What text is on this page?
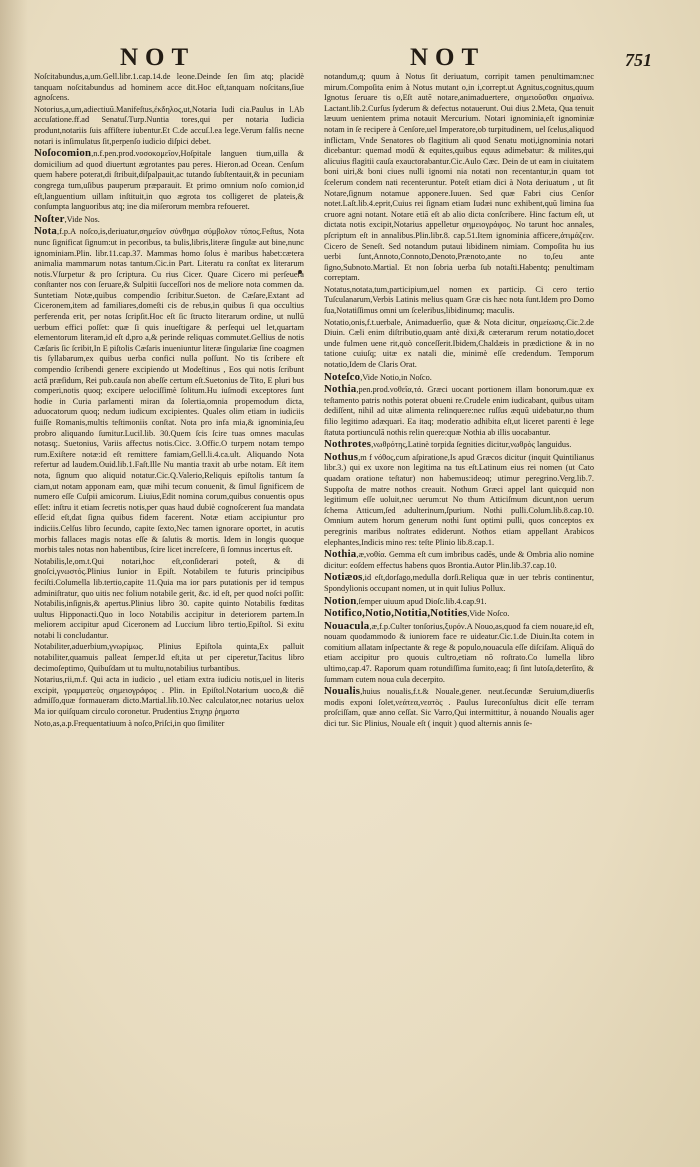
NOT	NOT	751

Noſcitabundus,a,um.Gell.libr.1.cap.14.de leone.Deinde ſen ſim atq; placidè tanquam noſcitabundus ad hominem acce dit.Hoc eſt,tanquam noſcitans,ſiue agnoſcens.

Notorius,a,um,adiectiuū.Manifeſtus,ἐκδηλος,ut,Notaria Iudi cia.Paulus in l.Ab accuſatione.ff.ad Senatuſ.Turp.Nuntia tores,qui per notaria Iudicia produnt,notariis ſuis affiſtere iubentur.Et C.de accuſ.l.ea lege.Verum falſis necne notari is inſimulatus ſit,perpenſo iudicio diſpici debet.

Noſocomion,n.f.pen.prod.νοσοκομεῖον,Hoſpitale languen tium,uilla & domicilium ad quod diuertunt ægrotantes pau peres. Hieron.ad Ocean. Cenſum quem habere poterat,di ſtribuit,diſpalpauit,ac tutando ſubſtentauit,& in pecuniam congrega tum,uſibus pauperum præparauit. Et primo omnium noſo comion,id eſt,languentium uillam inſtituit,in quo ægrota tos colligeret de plateis,& conſumpta languoribus atq; ine dia miſerorum membra refoueret.

Noſter,Vide Nos.

Nota,f.p.A noſco,is,deriuatur,σημεῖον σύνθημα σύμβολον τύπος.Feſtus, Nota nunc ſignificat ſignum:ut in pecoribus, ta bulis,libris,literæ ſingulæ aut bine,nunc ignominiam.Plin. libr.11.cap.37. Mammas homo ſolus è maribus habet:cætera animalia mammarum notas tantum.Cic.in Part. Literatu ra conſtat ex literarum notis.Vſurpetur & pro ſcriptura. Cu rius Cicer. Quare Cicero mi perſeuera conſtanter nos con ſeruare,& Sulpitii ſucceſſori nos de meliore nota commen da. Suntetiam Notæ,quibus compendio ſcribitur.Sueton. de Cæſare,Extant ad Ciceronem,item ad familiares,domeſti cis de rebus,in quibus ſi qua occultius perferenda erit, per notas ſcripſit.Hoc eſt ſic ſtructo literarum ordine, ut nullū uerbum effici poſſet: quæ ſi quis inueſtigare & perſequi uel let,quartam elementorum literam,id eſt d,pro a,& perinde reliquas commutet.Gellius de notis Cæſaris ſic ſcribit,In E piſtolis Cæſaris inueniuntur literæ ſingulariæ ſine coagmen tis ſyllabarum,ex quibus uerba confici nulla poſſunt. No tis ſcribere eſt compendio ſcribendi genere excipiendo ut Modeſtinus , Eos qui notis ſcribunt actâ præſidum, Rei pub.cauſa non abeſſe certum eſt.Suetonius de Tito, E pluri bus comperi,notis quoq; excipere uelociſſimè ſolitum.Hu iuſmodi exceptores ſunt hodie in Curia parlamenti miran da ſolertia,omnia propemodum dicta, aduocatorum quoq; nedum iudicum excipientes. Quales olim etiam in iudiciis fuiſſe Romanis,multis teſtimoniis conſtat. Nota pro infa mia,& ignominia,ſeu probro aliquando ſumitur.Lucil.lib. 30.Quem ſcis ſcire tuas omnes maculas notasq;. Suetonius, Variis affectus notis.Cicc. 3.Offic.O turpem notam tempo rum.Exiſtere notæ:id eſt remittere famiam,Gell.li.4.ca.ult. Aliquando Nota refertur ad laudem.Ouid.lib.1.Faſt.Ille Nu mantia traxit ab urbe notam. Eſt item nota, ſignum quo aliquid notatur.Cic.Q.Valerio,Reliquis epiſtolis tantum ſa ciam,ut notam apponam eam, quæ mihi tecum conuenit, & ſimul ſignificem de numero eſſe Cuſpii amicorum. Liuius,Edit nomina corum,quibus conuentis opus eſſet: inſtru it etiam ſecretis notis,per quas haud dubiè cognoſcerent ſua mandata eſſe:id eſt,dat ſigna quibus fidem facerent. Notæ etiam accipiuntur pro indiciis.Celſus libro ſecundo, capite ſexto,Nec tamen ignorare oportet, in acutis morbis fallaces magis notas eſſe & ſalutis & mortis. Idem in longis quoque morbis tales notas non habentibus, ſcire licet increſcere, ſi ſomnus incertus eſt.

Notabilis,le,om.t.Qui notari,hoc eſt,conſiderari poteſt, & di gnoſci,γνωστός.Plinius Iunior in Epiſt. Notabilem te futuris principibus feciſti.Columella lib.tertio,capite 11.Quia ma ior pars putationis per id tempus adminiſtratur, quo uitis nec folium notabile gerit, &c. id eſt, per quod noſci poſſit: Notabilis,inſignis,& apertus.Plinius libro 30. capite quinto Notabilis fœditas uultus Hipponacti.Quo in loco Notabilis accipitur in deteriorem partem.In meliorem accipitur apud Ciceronem ad Luccium libro tertio,Epiſtol. Si exitu notabi li concludantur.

Notabiliter,aduerbium,γνωρίμως. Plinius Epiſtola quinta,Ex palluit notabiliter,quamuis palleat ſemper.Id eſt,ita ut per ciperetur,Tacitus libro decimoſeptimo, Quibuſdam ut tu multu,notabilius turbantibus.

Notarius,rii,m.f. Qui acta in iudicio , uel etiam extra iudiciu notis,uel in literis excipit, γραμματεὺς σημειογράφος . Plin. in Epiſtol.Notarium uoco,& diē admiſſo,quæ formaueram dicto.Martial.lib.10.Nec calculator,nec notarius uelox Ma ior quiſquam circulo coronetur. Prudentius Στιχηρ ῥηματα

Noto,as,a.p.Frequentatiuum à noſco,Priſci,in quo ſimiliter

notandum,q; quum à Notus ſit deriuatum, corripit tamen penultimam:nec mirum.Compoſita enim à Notus mutant o,in i,corrept.ut Agnitus,cognitus,quum Ignotus ſeruare tis o,Eſt autē notare,animaduertere, σημειοῦσθαι σημαίνω. Lactant.lib.2.Curſus ſyderum & defectus notauerunt. Oui dius 2.Meta, Qua tenuit læuum uenientem prima notauit Mercurium. Notari ignominia,eſt ignominiæ notam in ſe recipere à Cenſore,uel Imperatore,ob turpitudinem, uel ſcelus,aliquod inflictam, Vnde Senatores ob flagitium ali quod Senatu moti,ignominia notari dicebantur: quemad modū & equites,quibus equus adimebatur: & milites,qui alicuius flagitii cauſa exauctorabantur.Cic.Aulo Cæc. Dein de ut eam in ciuitatem boni uiri,& boni ciues nulli ignomi nia notati non recentantur,in quam tot ſcelerum condem nati recenteruntur. Poteſt etiam dici à Nota deriuatum , ut ſit Notare,ſignum notamue apponere.Iuuen. Sed quæ Fabri cius Cenſor notet.Laſt.lib.4.eprit,Cuius rei ſignam etiam Iudæi nunc exhibent,quū limina ſua cruore agni notant. Notare etiā eſt ab alio dicta conſcribere. Hinc factum eſt, ut dictata notis excipit,Notarius appelletur σημειογράφος. No tarunt hoc annales, pſcriptum eſt in annalibus.Plin.libr.8. cap.51.Item ignominia afficere,ἀτιμάζειν. Cicero de Seneſt. Sed notandum putaui libidinem nimiam. Compoſita hu ius uerbi ſunt,Annoto,Connoto,Denoto,Prænoto,ante no to,ſeu ante ſigno,Subnoto.Martial. Et non ſobria uerba ſub notaſti.Habentq; penultimam correptam.

Notatus,notata,tum,participium,uel nomen ex particip. Ci cero tertio Tuſculanarum,Verbis Latinis melius quam Græ cis hæc nota ſunt.Idem pro Domo ſua,Notatiſſimus omni um ſceleribus,libidinumq; maculis.

Notatio,onis,f.t.uerbale, Animaduerſio, quæ & Nota dicitur, σημείωσις.Cic.2.de Diuin. Cæli enim diſtributio,quam antè dixi,& cæterarum rerum notatio,docet unde fulmen uene rit,quò conceſſerit.Ibidem,Chaldæis in prædictione & in no tatione cuiuſq; uitæ ex natali die, minimè eſſe credendum. Temporum notatio,Idem de Claris Orat.

Noteſco,Vide Notio,in Noſco.

Nothia,pen.prod.νοθεῖα,τά. Græci uocant portionem illam bonorum.quæ ex teſtamento patris nothis poterat obueni re.Crudele enim iudicabant, quibus uitam dediſſent, nihil ad uitæ alimenta relinquere:nec ruſſus æquū uidebatur,no thum filio legitimo adæquari. Ea itaq; moderatio adhibita eſt,ut liceret parenti è lege ſtatuta portiunculā nothis relin quere:quæ Nothia ab illis uocabantur.

Nothrotes,νωθρότης,Latinè torpida ſegnities dicitur,νωθρὸς languidus.

Nothus,m f νόθος,cum aſpiratione,Is apud Græcos dicitur (inquit Quintilianus libr.3.) qui ex uxore non legitima na tus eſt.Latinum eius rei nomen (ut Cato quadam oratione teſtatur) non habemus:ideoq; utimur peregrino.Verg.lib.7. Suppoſta de matre nothos creauit. Nothum Græci appel lant quicquid non legitimum eſſe uoluit,nec uerum:ut No thum Atticiſmum dicunt,non uerum ſchema Atticum,ſed adulterinum,ſpurium. Nothi pulli.Colum.lib.8.cap.10. Omnium autem horum generum nothi ſunt optimi pulli, quos conceptos ex peregrinis maribus noſtrates ediderunt. Nothos etiam appellant Arabicos elephantes,Indicis mino res: teſte Plinio lib.8.cap.1.

Nothia,æ,νοθία. Gemma eſt cum imbribus cadēs, unde & Ombria alio nomine dicitur: eoſdem effectus habens quos Brontia.Autor Plin.lib.37.cap.10.

Notiæos,id eſt,dorſago,medulla dorſi.Reliqua quæ in uer tebris continentur, Spondylionis occupant nomen, ut in quit Iulius Pollux.

Notion,ſemper uiuum apud Dioſc.lib.4.cap.91.

Notifico,Notio,Notitia,Notities,Vide Noſco.

Nouacula,æ,f.p.Culter tonſorius,ξυρόν.A Nouo,as,quod fa ciem nouare,id eſt, nouam quodammodo & iuniorem face re uideatur.Cic.1.de Diuin.Ita cotem in comitium allatam inſpectante & rege & populo,nouacula eſſe diſciſam. Aliquā do etiam accipitur pro quouis cultro,etiam nō roſtrato.Co lumella libro ultimo,cap.47. Raporum quam rotundiſſima ſumito,eaq; ſi ſint lutoſa,deterſito, & ſummam cutem noua cula decerpito.

Noualis,huius noualis,f.t.& Nouale,gener. neut.ſecundæ Seruium,diuerſis modis exponi ſolet,νεάτεα,νεατὸς . Paulus Iureconſultus dicit eſſe terram proſciſſam, quæ anno ceſſat. Sic Varro,Qui intermittitur, à nouando Noualis ager dici tur. Sic Plinius, Nouale eſt ( inquit ) quod alternis annis ſe-
